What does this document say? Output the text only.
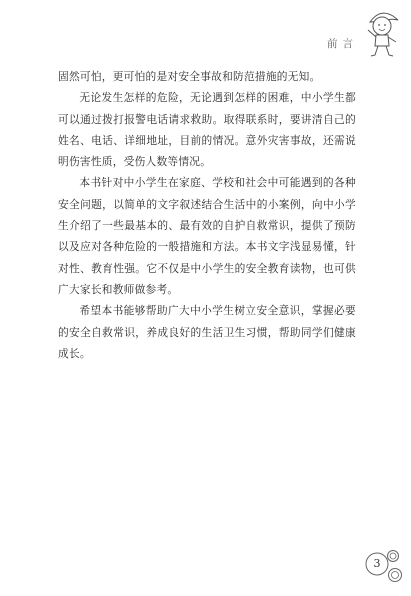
前言

固然可怕，更可怕的是对安全事故和防范措施的无知。

无论发生怎样的危险，无论遇到怎样的困难，中小学生都可以通过拨打报警电话请求救助。取得联系时，要讲清自己的姓名、电话、详细地址，目前的情况。意外灾害事故，还需说明伤害性质，受伤人数等情况。

本书针对中小学生在家庭、学校和社会中可能遇到的各种安全问题，以简单的文字叙述结合生活中的小案例，向中小学生介绍了一些最基本的、最有效的自护自救常识，提供了预防以及应对各种危险的一般措施和方法。本书文字浅显易懂，针对性、教育性强。它不仅是中小学生的安全教育读物，也可供广大家长和教师做参考。

希望本书能够帮助广大中小学生树立安全意识，掌握必要的安全自救常识，养成良好的生活卫生习惯，帮助同学们健康成长。

3
